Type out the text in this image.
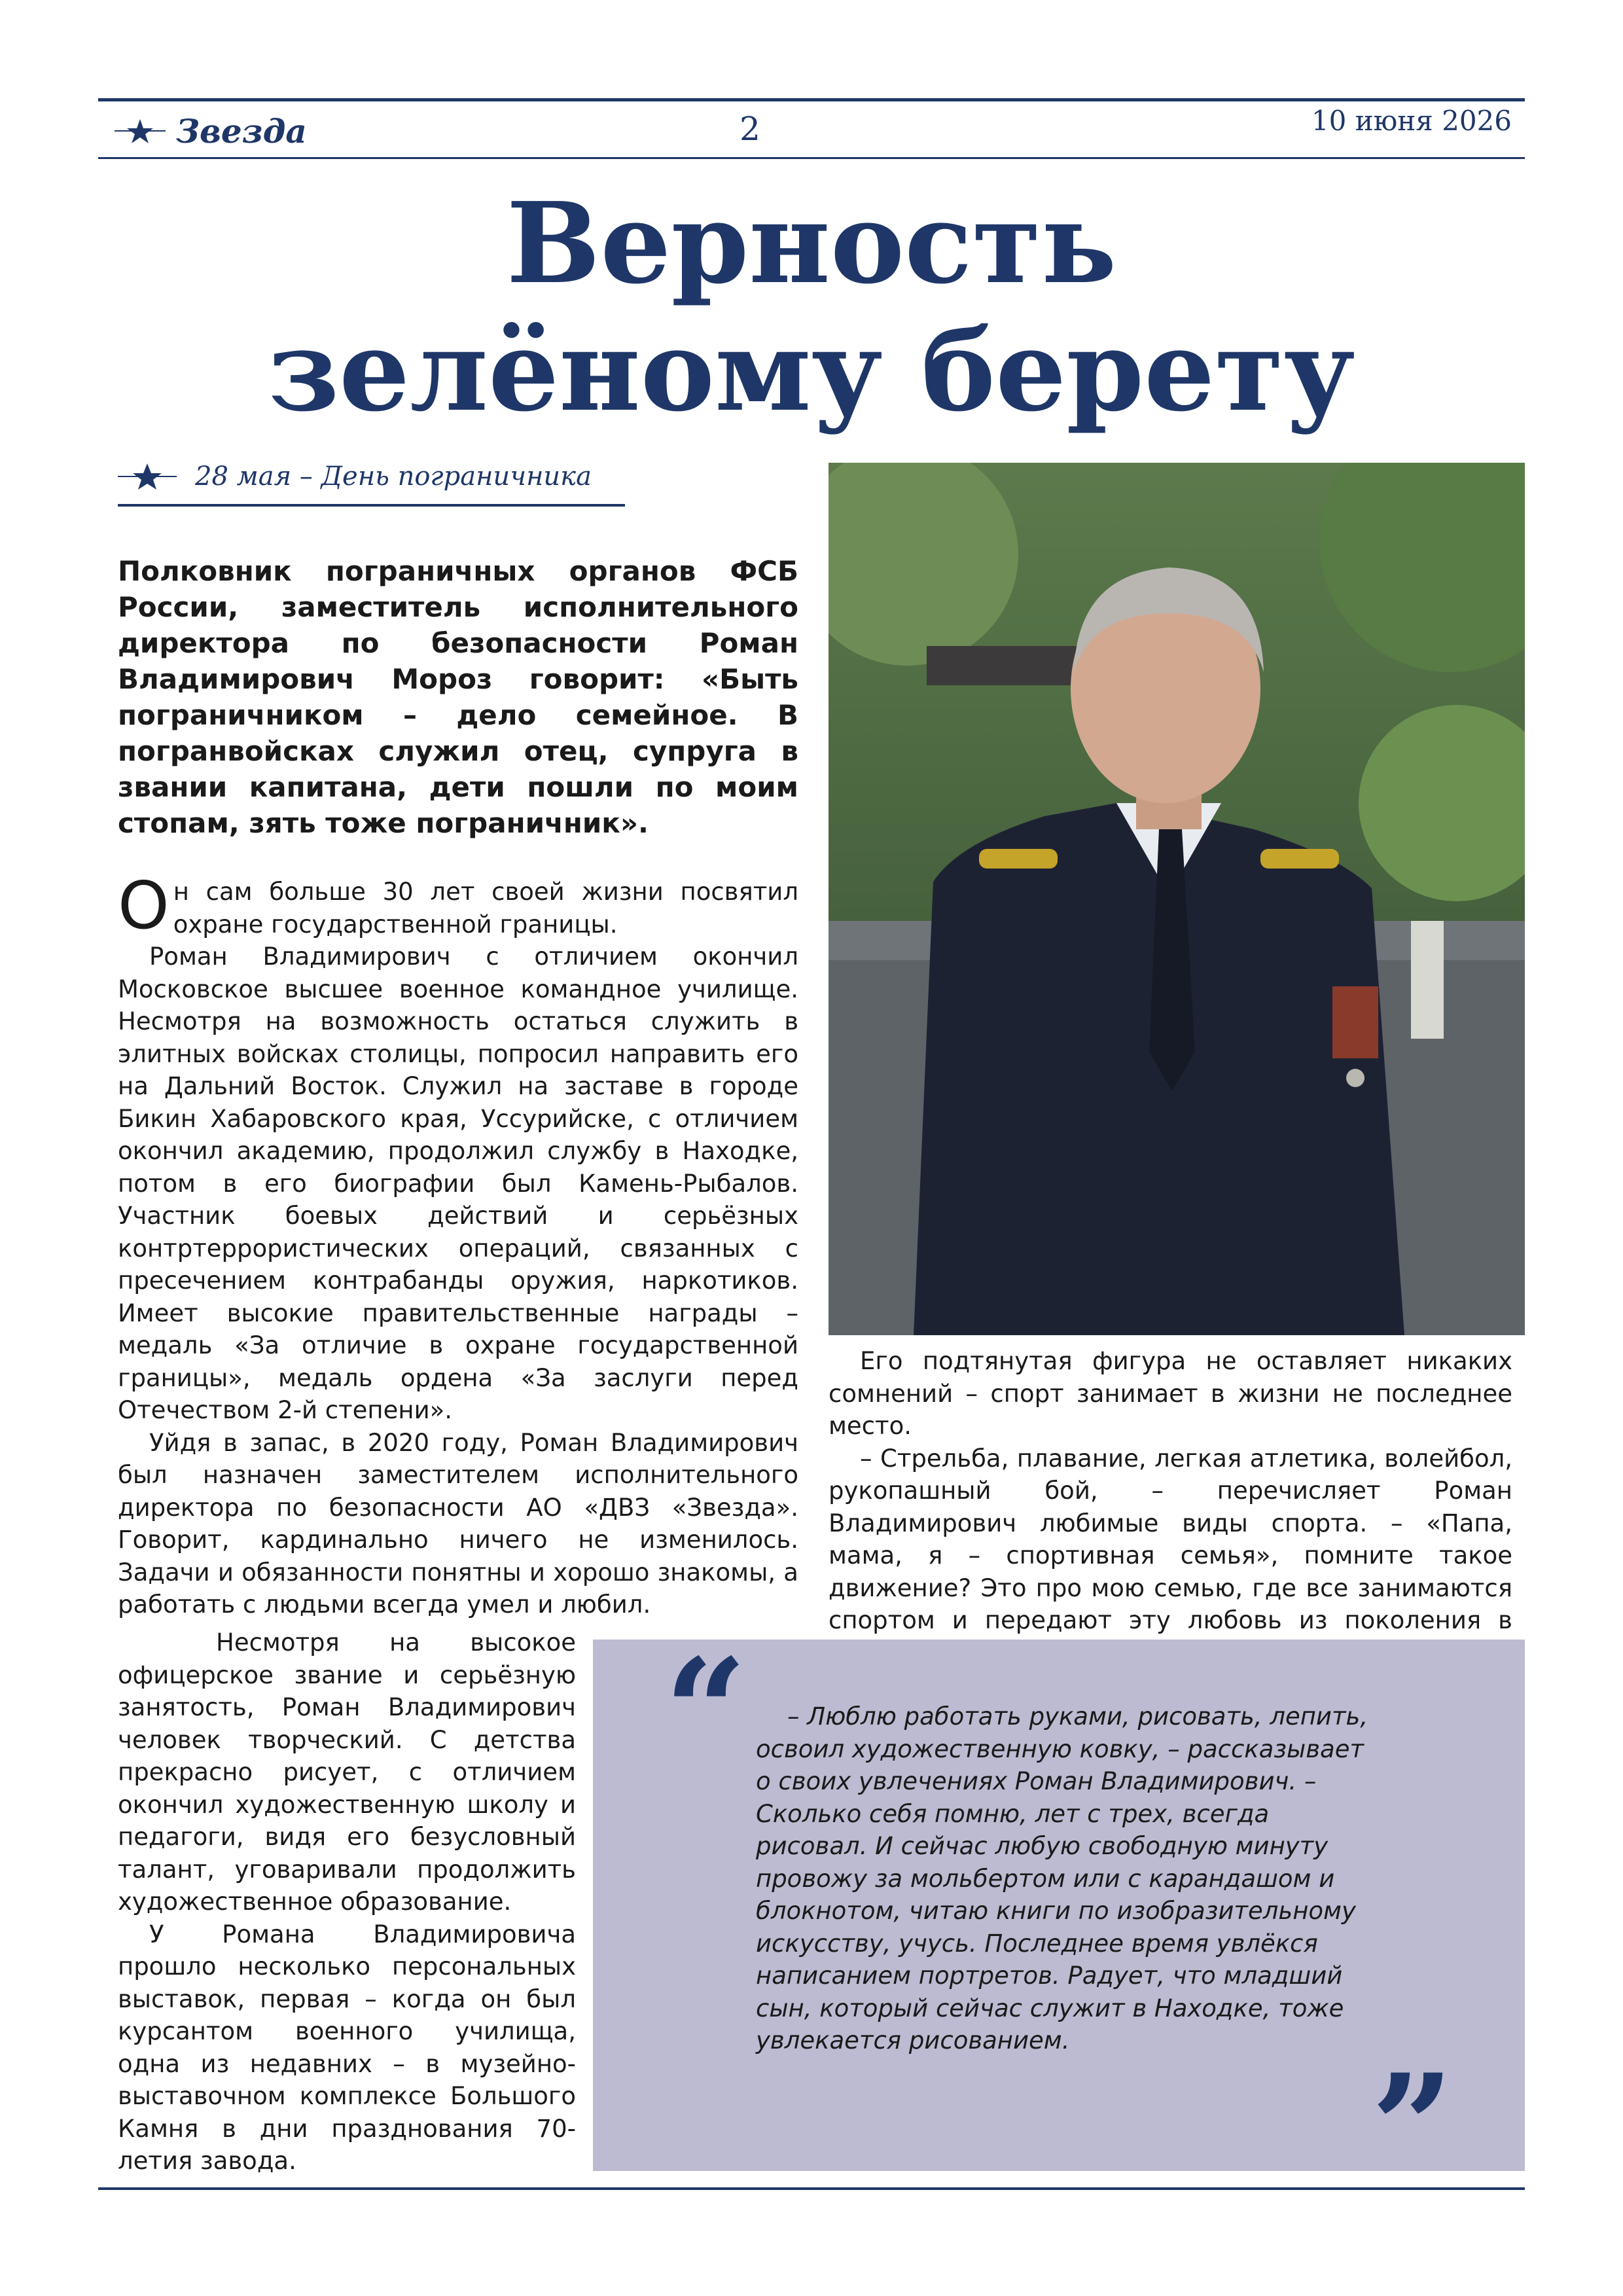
Звезда	2	10 июня 2026
Верность
зелёному берету
28 мая – День пограничника

Полковник пограничных органов ФСБ России, заместитель исполнительного директора по безопасности Роман Владимирович Мороз говорит: «Быть пограничником – дело семейное. В погранвойсках служил отец, супруга в звании капитана, дети пошли по моим стопам, зять тоже пограничник».

Он сам больше 30 лет своей жизни посвятил охране государственной границы.

Роман Владимирович с отличием окончил Московское высшее военное командное училище. Несмотря на возможность остаться служить в элитных войсках столицы, попросил направить его на Дальний Восток. Служил на заставе в городе Бикин Хабаровского края, Уссурийске, с отличием окончил академию, продолжил службу в Находке, потом в его биографии был Камень-Рыбалов. Участник боевых действий и серьёзных контртеррористических операций, связанных с пресечением контрабанды оружия, наркотиков. Имеет высокие правительственные награды – медаль «За отличие в охране государственной границы», медаль ордена «За заслуги перед Отечеством 2-й степени».

Уйдя в запас, в 2020 году, Роман Владимирович был назначен заместителем исполнительного директора по безопасности АО «ДВЗ «Звезда». Говорит, кардинально ничего не изменилось. Задачи и обязанности понятны и хорошо знакомы, а работать с людьми всегда умел и любил.

Несмотря на высокое офицерское звание и серьёзную занятость, Роман Владимирович человек творческий. С детства прекрасно рисует, с отличием окончил художественную школу и педагоги, видя его безусловный талант, уговаривали продолжить художественное образование.

У Романа Владимировича прошло несколько персональных выставок, первая – когда он был курсантом военного училища, одна из недавних – в музейно-выставочном комплексе Большого Камня в дни празднования 70-летия завода.

Его подтянутая фигура не оставляет никаких сомнений – спорт занимает в жизни не последнее место.

– Стрельба, плавание, легкая атлетика, волейбол, рукопашный бой, – перечисляет Роман Владимирович любимые виды спорта. – «Папа, мама, я – спортивная семья», помните такое движение? Это про мою семью, где все занимаются спортом и передают эту любовь из поколения в

“
”

– Люблю работать руками, рисовать, лепить, освоил художественную ковку, – рассказывает о своих увлечениях Роман Владимирович. – Сколько себя помню, лет с трех, всегда рисовал. И сейчас любую свободную минуту провожу за мольбертом или с карандашом и блокнотом, читаю книги по изобразительному искусству, учусь. Последнее время увлёкся написанием портретов. Радует, что младший сын, который сейчас служит в Находке, тоже увлекается рисованием.
